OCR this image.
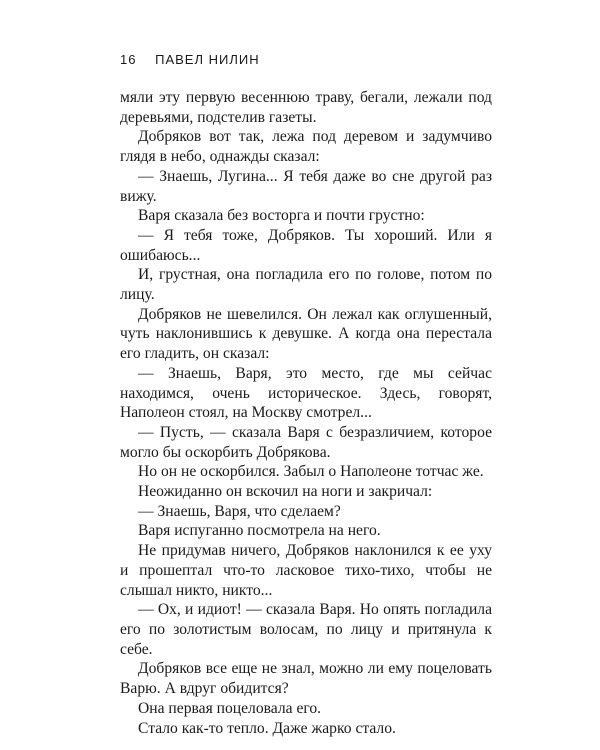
16 ПАВЕЛ НИЛИН

мяли эту первую весеннюю траву, бегали, лежали под деревьями, подстелив газеты.

Добряков вот так, лежа под деревом и задумчиво глядя в небо, однажды сказал:

— Знаешь, Лугина... Я тебя даже во сне другой раз вижу.

Варя сказала без восторга и почти грустно:

— Я тебя тоже, Добряков. Ты хороший. Или я ошибаюсь...

И, грустная, она погладила его по голове, потом по лицу.

Добряков не шевелился. Он лежал как оглушенный, чуть наклонившись к девушке. А когда она перестала его гладить, он сказал:

— Знаешь, Варя, это место, где мы сейчас находимся, очень историческое. Здесь, говорят, Наполеон стоял, на Москву смотрел...

— Пусть, — сказала Варя с безразличием, которое могло бы оскорбить Добрякова.

Но он не оскорбился. Забыл о Наполеоне тотчас же.

Неожиданно он вскочил на ноги и закричал:

— Знаешь, Варя, что сделаем?

Варя испуганно посмотрела на него.

Не придумав ничего, Добряков наклонился к ее уху и прошептал что-то ласковое тихо-тихо, чтобы не слышал никто, никто...

— Ох, и идиот! — сказала Варя. Но опять погладила его по золотистым волосам, по лицу и притянула к себе.

Добряков все еще не знал, можно ли ему поцеловать Варю. А вдруг обидится?

Она первая поцеловала его.

Стало как-то тепло. Даже жарко стало.
